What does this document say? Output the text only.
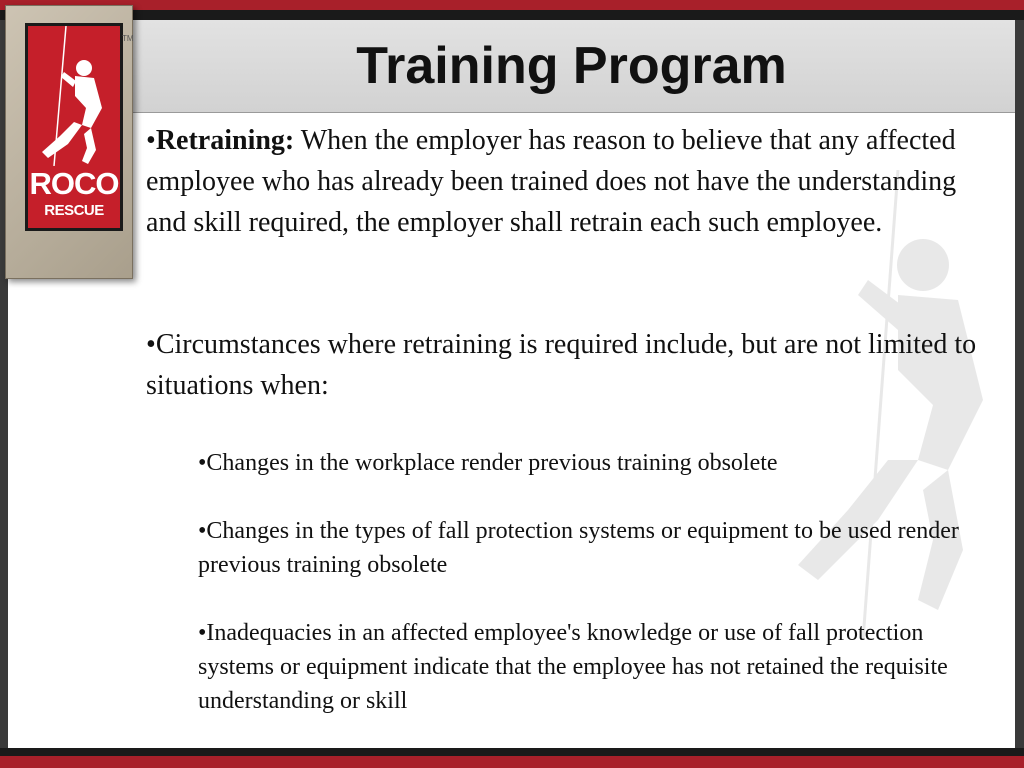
Training Program

•Retraining: When the employer has reason to believe that any affected employee who has already been trained does not have the understanding and skill required, the employer shall retrain each such employee.

•Circumstances where retraining is required include, but are not limited to situations when:

•Changes in the workplace render previous training obsolete

•Changes in the types of fall protection systems or equipment to be used render previous training obsolete

•Inadequacies in an affected employee's knowledge or use of fall protection systems or equipment indicate that the employee has not retained the requisite understanding or skill

ROCO
RESCUE
TM
